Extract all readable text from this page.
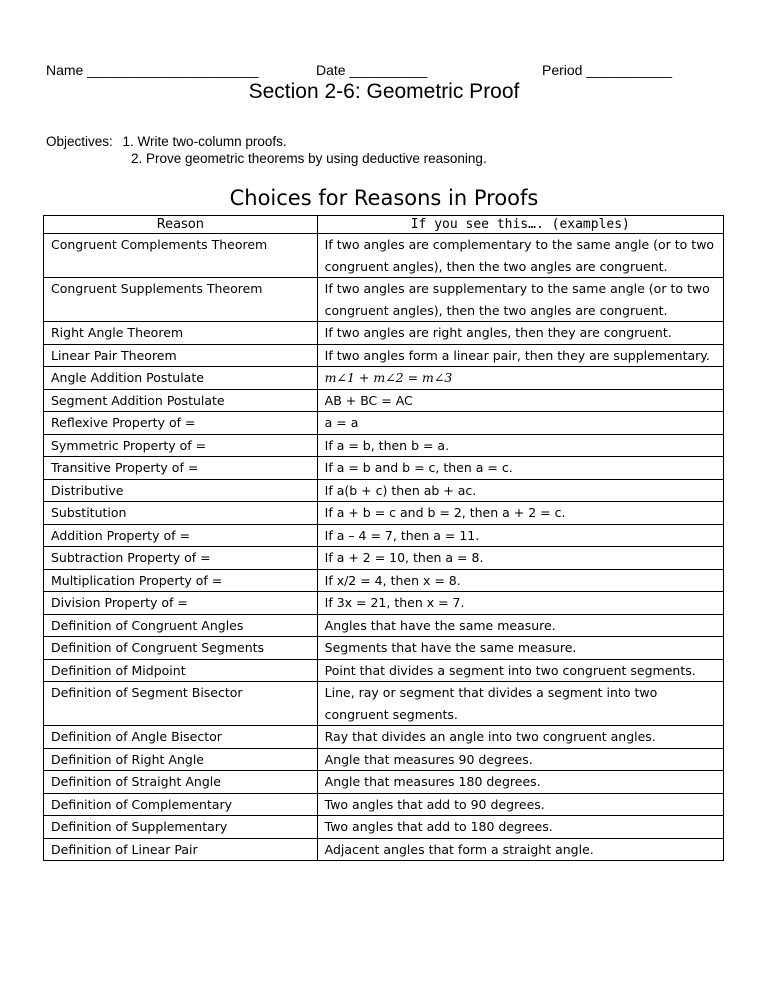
Name ______________________	Date __________	Period ___________
Section 2-6: Geometric Proof
Objectives: 1. Write two-column proofs.
2. Prove geometric theorems by using deductive reasoning.
Choices for Reasons in Proofs
Reason	If you see this…. (examples)
Congruent Complements Theorem	If two angles are complementary to the same angle (or to two congruent angles), then the two angles are congruent.
Congruent Supplements Theorem	If two angles are supplementary to the same angle (or to two congruent angles), then the two angles are congruent.
Right Angle Theorem	If two angles are right angles, then they are congruent.
Linear Pair Theorem	If two angles form a linear pair, then they are supplementary.
Angle Addition Postulate	m∠1 + m∠2 = m∠3
Segment Addition Postulate	AB + BC = AC
Reflexive Property of =	a = a
Symmetric Property of =	If a = b, then b = a.
Transitive Property of =	If a = b and b = c, then a = c.
Distributive	If a(b + c) then ab + ac.
Substitution	If a + b = c and b = 2, then a + 2 = c.
Addition Property of =	If a – 4 = 7, then a = 11.
Subtraction Property of =	If a + 2 = 10, then a = 8.
Multiplication Property of =	If x/2 = 4, then x = 8.
Division Property of =	If 3x = 21, then x = 7.
Definition of Congruent Angles	Angles that have the same measure.
Definition of Congruent Segments	Segments that have the same measure.
Definition of Midpoint	Point that divides a segment into two congruent segments.
Definition of Segment Bisector	Line, ray or segment that divides a segment into two congruent segments.
Definition of Angle Bisector	Ray that divides an angle into two congruent angles.
Definition of Right Angle	Angle that measures 90 degrees.
Definition of Straight Angle	Angle that measures 180 degrees.
Definition of Complementary	Two angles that add to 90 degrees.
Definition of Supplementary	Two angles that add to 180 degrees.
Definition of Linear Pair	Adjacent angles that form a straight angle.
